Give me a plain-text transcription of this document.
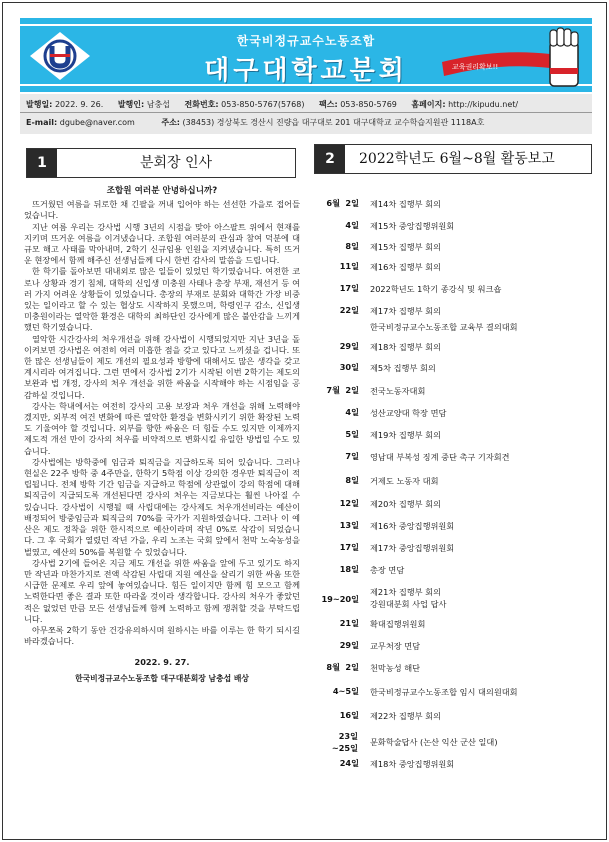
한국비정규교수노동조합
대구대학교분회	교육권리확보!!
발행일: 2022. 9. 26. 발행인: 남충섭 전화번호: 053-850-5767(5768) 팩스: 053-850-5769 홈페이지: http://kipudu.net/
E-mail: dgube@naver.com	주소: (38453) 경상북도 경산시 진량읍 대구대로 201 대구대학교 교수학습지원관 1118A호
1	분회장 인사	2	2022학년도 6월~8월 활동보고
조합원 여러분 안녕하십니까?

뜨거웠던 여름을 뒤로한 채 긴팔을 꺼내 입어야 하는 선선한 가을로 접어들었습니다.

지난 여름 우리는 강사법 시행 3년의 시점을 맞아 아스팔트 위에서 현재를 지키며 뜨거운 여름을 이겨냈습니다. 조합원 여러분의 관심과 참여 덕분에 대규모 해고 사태를 막아내며, 2학기 신규임용 인원을 지켜냈습니다. 특히 뜨거운 현장에서 함께 해주신 선생님들께 다시 한번 감사의 말씀을 드립니다.

한 학기를 돌아보면 대내외로 많은 일들이 있었던 학기였습니다. 여전한 코로나 상황과 경기 침체, 대학의 신입생 미충원 사태나 총장 부재, 재선거 등 여러 가지 어려운 상황들이 있었습니다. 총장의 부재로 분회와 대학간 가장 비중있는 일이라고 할 수 있는 협상도 시작하지 못했으며, 학령인구 감소, 신입생 미충원이라는 열악한 환경은 대학의 최하단인 강사에게 많은 불안감을 느끼게 했던 학기였습니다.

열악한 시간강사의 처우개선을 위해 강사법이 시행되었지만 지난 3년을 돌이켜보면 강사법은 여전히 여러 미흡한 점을 갖고 있다고 느끼셨을 겁니다. 또한 많은 선생님들이 제도 개선의 필요성과 방향에 대해서도 많은 생각을 갖고 계시리라 여겨집니다. 그런 면에서 강사법 2기가 시작된 이번 2학기는 제도의 보완과 법 개정, 강사의 처우 개선을 위한 싸움을 시작해야 하는 시점임을 공감하실 것입니다.

강사는 학내에서는 여전히 강사의 고용 보장과 처우 개선을 위해 노력해야겠지만, 외부적 여건 변화에 따른 열악한 환경을 변화시키기 위한 확장된 노력도 기울여야 할 것입니다. 외부를 향한 싸움은 더 힘들 수도 있지만 이제까지 제도적 개선 만이 강사의 처우를 비약적으로 변화시킬 유일한 방법일 수도 있습니다.

강사법에는 방학중에 임금과 퇴직금을 지급하도록 되어 있습니다. 그러나 현실은 22주 방학 중 4주만을, 한학기 5학점 이상 강의한 경우만 퇴직금이 적립됩니다. 전체 방학 기간 임금을 지급하고 학점에 상관없이 강의 학점에 대해 퇴직금이 지급되도록 개선된다면 강사의 처우는 지금보다는 훨씬 나아질 수 있습니다. 강사법이 시행될 때 사립대에는 강사제도 처우개선비라는 예산이 배정되어 방중임금과 퇴직금의 70%를 국가가 지원하였습니다. 그러나 이 예산은 제도 정착을 위한 한시적으로 예산이라며 작년 0%로 삭감이 되었습니다. 그 후 국회가 열렸던 작년 가을, 우리 노조는 국회 앞에서 천막 노숙농성을 벌였고, 예산의 50%를 복원할 수 있었습니다.

강사법 2기에 들어온 지금 제도 개선을 위한 싸움을 앞에 두고 있기도 하지만 작년과 마찬가지로 전액 삭감된 사립대 지원 예산을 살리기 위한 싸움 또한 시급한 문제로 우리 앞에 놓여있습니다. 힘든 일이지만 함께 힘 모으고 함께 노력한다면 좋은 결과 또한 따라올 것이라 생각합니다. 강사의 처우가 좋았던 적은 없었던 만큼 모든 선생님들께 함께 노력하고 함께 쟁취할 것을 부탁드립니다.

아무쪼록 2학기 동안 건강유의하시며 원하시는 바를 이루는 한 학기 되시길 바라겠습니다.

2022. 9. 27.
한국비정규교수노동조합 대구대분회장 남충섭 배상
6월 2일 제14차 집행부 회의
4일 제15차 중앙집행위원회
8일 제15차 집행부 회의
11일 제16차 집행부 회의
17일 2022학년도 1학기 종강식 및 워크숍
22일 제17차 집행부 회의
한국비정규교수노동조합 교육부 결의대회
29일 제18차 집행부 회의
30일 제5차 집행부 회의
7월 2일 전국노동자대회
4일 성산교양대 학장 면담
5일 제19차 집행부 회의
7일 영남대 부복성 징계 중단 촉구 기자회견
8일 거제도 노동자 대회
12일 제20차 집행부 회의
13일 제16차 중앙집행위원회
17일 제17차 중앙집행위원회
18일 총장 면담
19~20일
제21차 집행부 회의
강원대분회 사업 답사
21일 확대집행위원회
29일 교무처장 면담
8월 2일 천막농성 해단
4~5일 한국비정규교수노동조합 임시 대의원대회
16일 제22차 집행부 회의
23일 ~25일
문화학술답사 (논산 익산 군산 일대)
24일 제18차 중앙집행위원회
